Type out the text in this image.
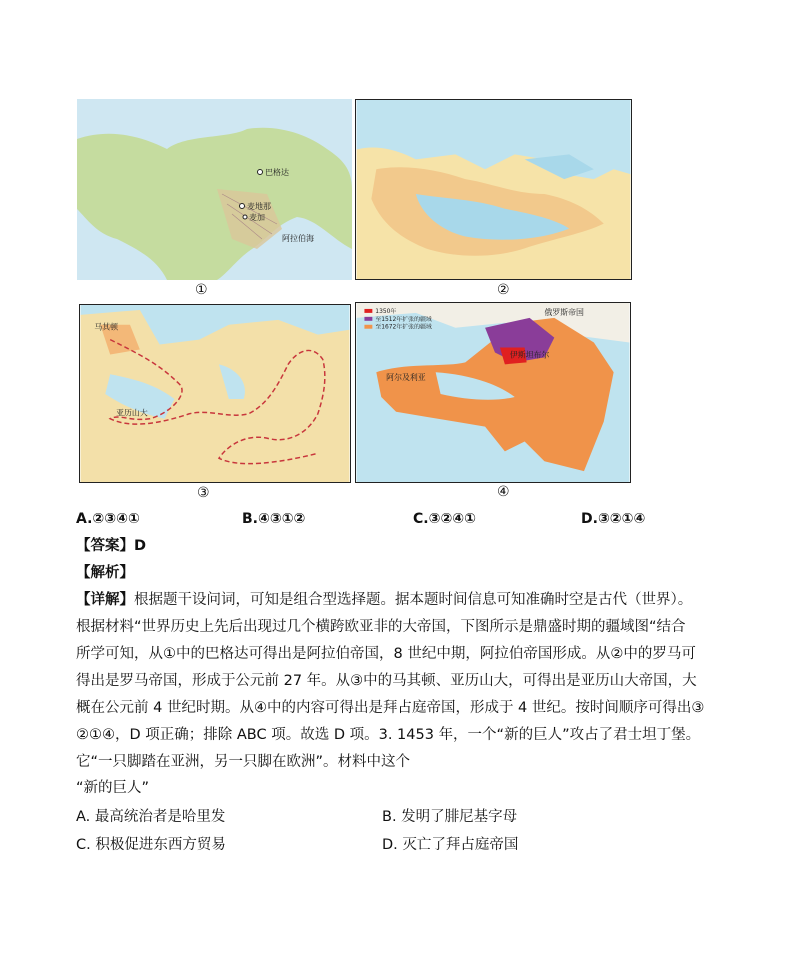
巴格达
麦地那
麦加
阿拉伯海
①	②
马其顿
亚历山大
③
1350年
至1512年扩张的疆域
至1672年扩张的疆域
俄罗斯帝国
伊斯坦布尔
阿尔及利亚
④
A.②③④①	B.④③①②	C.③②④①	D.③②①④
【答案】D
【解析】
【详解】根据题干设问词，可知是组合型选择题。据本题时间信息可知准确时空是古代（世界）。
根据材料“世界历史上先后出现过几个横跨欧亚非的大帝国，下图所示是鼎盛时期的疆域图“结合
所学可知，从①中的巴格达可得出是阿拉伯帝国，8 世纪中期，阿拉伯帝国形成。从②中的罗马可
得出是罗马帝国，形成于公元前 27 年。从③中的马其顿、亚历山大，可得出是亚历山大帝国，大
概在公元前 4 世纪时期。从④中的内容可得出是拜占庭帝国，形成于 4 世纪。按时间顺序可得出③
②①④，D 项正确；排除 ABC 项。故选 D 项。3. 1453 年，一个“新的巨人”攻占了君士坦丁堡。
它“一只脚踏在亚洲，另一只脚在欧洲”。材料中这个
“新的巨人”
A. 最高统治者是哈里发	B. 发明了腓尼基字母
C. 积极促进东西方贸易	D. 灭亡了拜占庭帝国
